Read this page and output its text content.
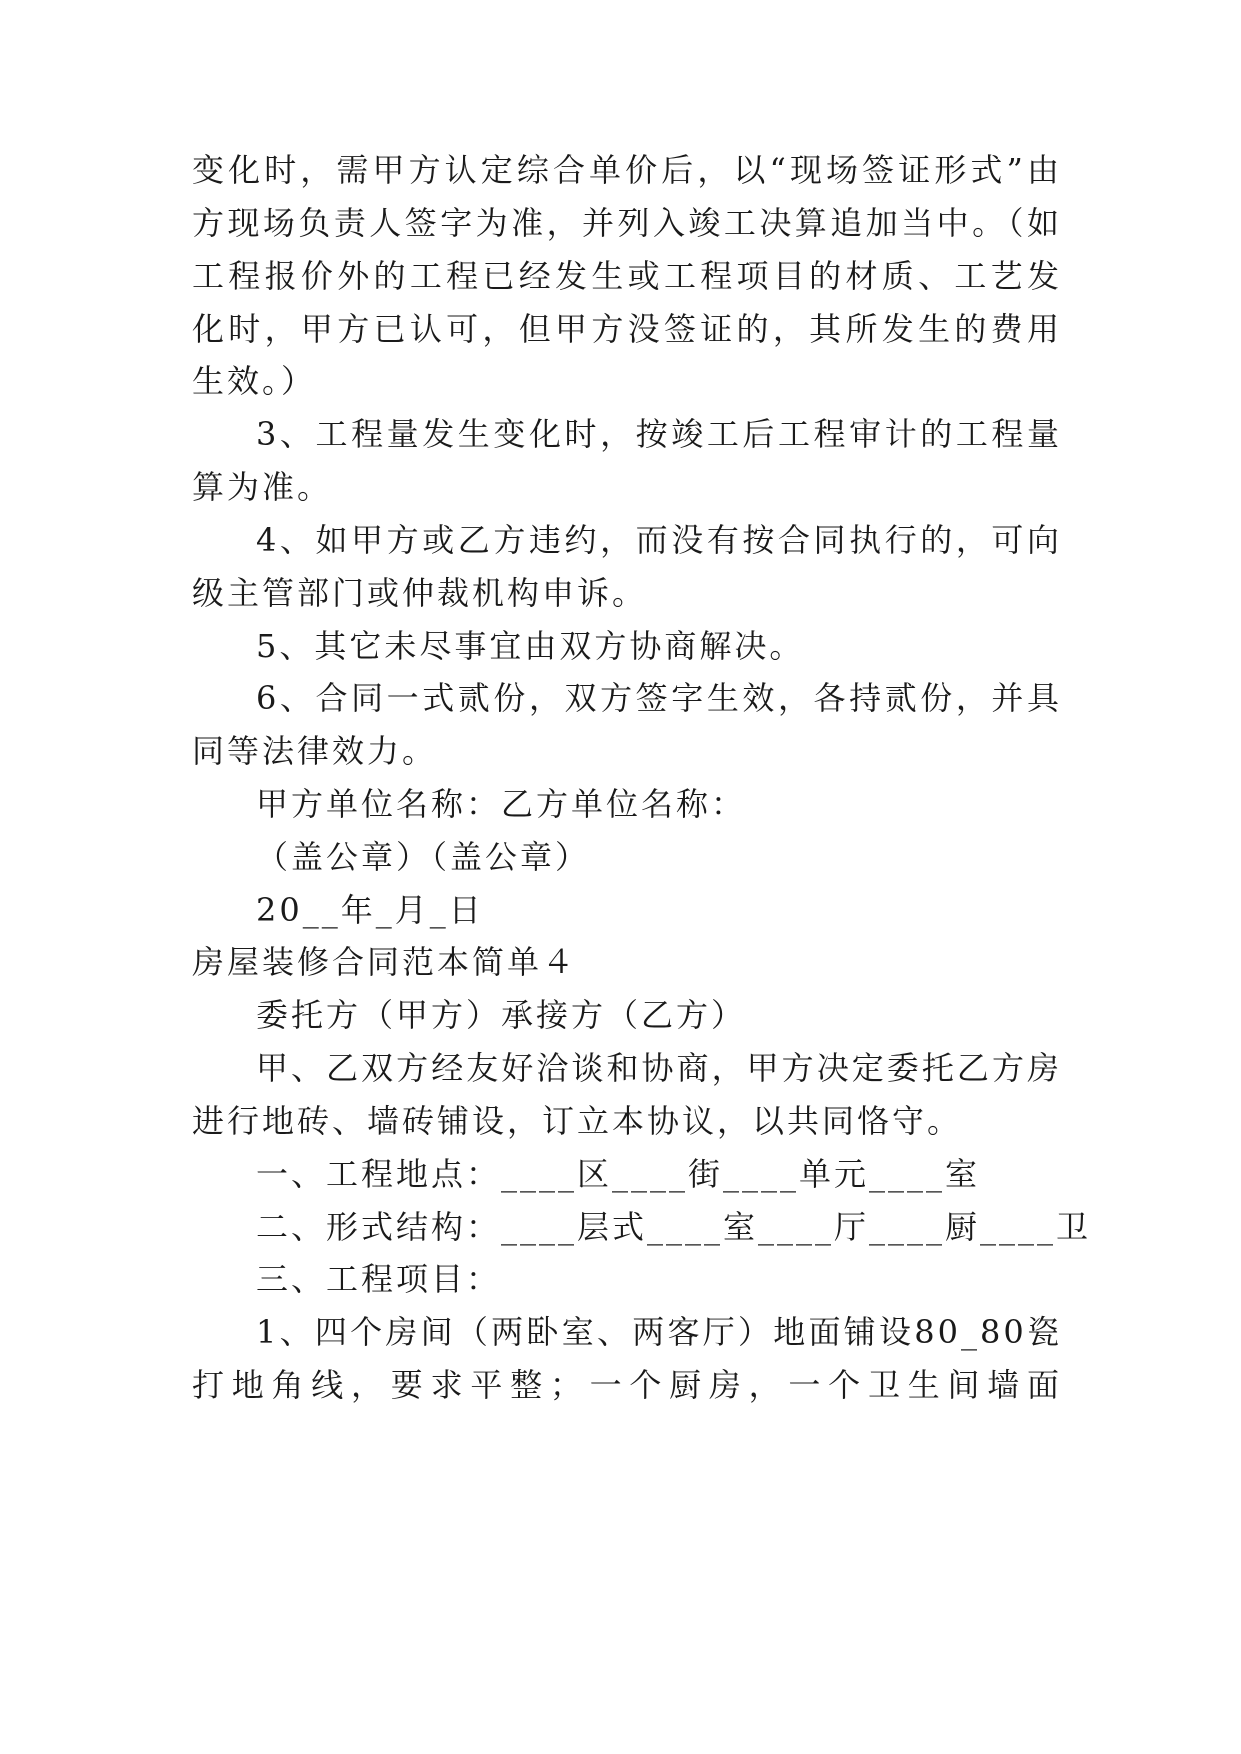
变化时，需甲方认定综合单价后，以“现场签证形式”由
方现场负责人签字为准，并列入竣工决算追加当中。（如
工程报价外的工程已经发生或工程项目的材质、工艺发
化时，甲方已认可，但甲方没签证的，其所发生的费用
生效。）
3、工程量发生变化时，按竣工后工程审计的工程量
算为准。
4、如甲方或乙方违约，而没有按合同执行的，可向
级主管部门或仲裁机构申诉。
5、其它未尽事宜由双方协商解决。
6、合同一式贰份，双方签字生效，各持贰份，并具
同等法律效力。
甲方单位名称：乙方单位名称：
（盖公章）（盖公章）
20__年_月_日
房屋装修合同范本简单４
委托方（甲方）承接方（乙方）
甲、乙双方经友好洽谈和协商，甲方决定委托乙方房
进行地砖、墙砖铺设，订立本协议，以共同恪守。
一、工程地点：____区____街____单元____室
二、形式结构：____层式____室____厅____厨____卫
三、工程项目：
1、四个房间（两卧室、两客厅）地面铺设80_80瓷
打地角线，要求平整；一个厨房，一个卫生间墙面
